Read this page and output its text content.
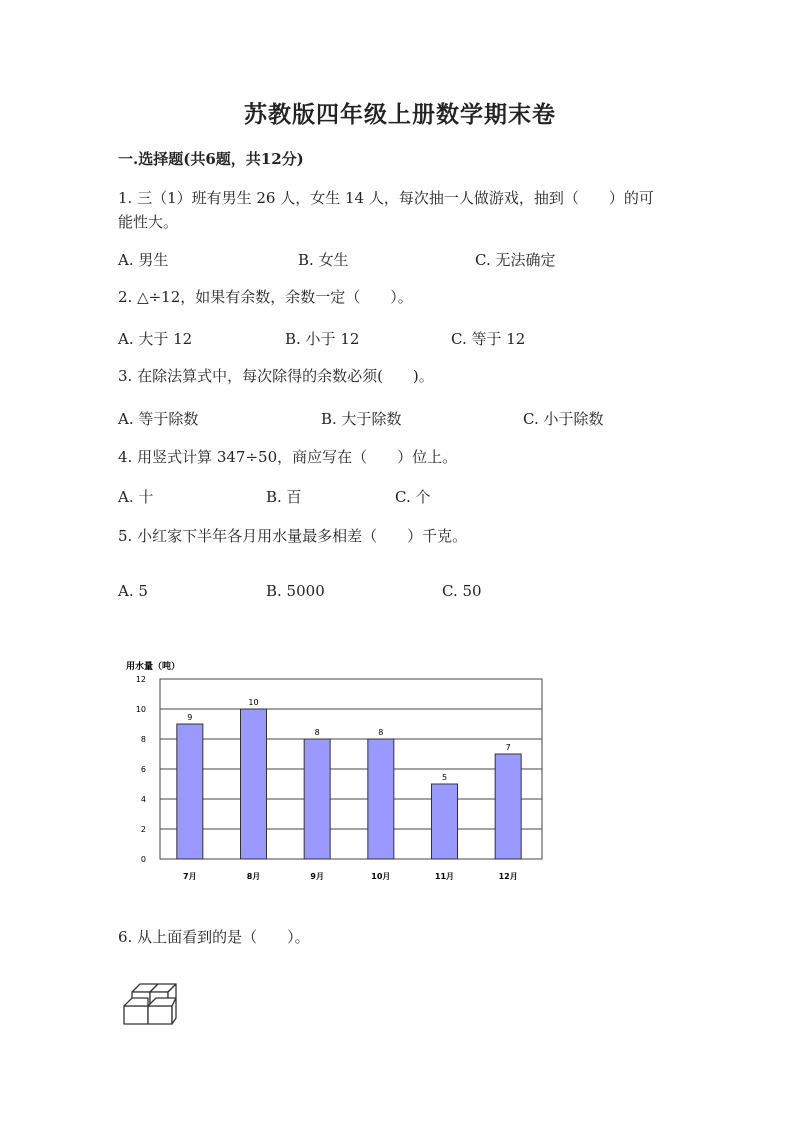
苏教版四年级上册数学期末卷
一.选择题(共6题，共12分)
1. 三（1）班有男生 26 人，女生 14 人，每次抽一人做游戏，抽到（　　）的可
能性大。
A. 男生	B. 女生	C. 无法确定
2. △÷12，如果有余数，余数一定（　　）。
A. 大于 12	B. 小于 12	C. 等于 12
3. 在除法算式中，每次除得的余数必须(　　)。
A. 等于除数	B. 大于除数	C. 小于除数
4. 用竖式计算 347÷50，商应写在（　　）位上。
A. 十	B. 百	C. 个
5. 小红家下半年各月用水量最多相差（　　）千克。
A. 5	B. 5000	C. 50
用水量（吨）
0
2
4
6
8
10
12
9
7月
10
8月
8
9月
8
10月
5
11月
7
12月
6. 从上面看到的是（　　）。
